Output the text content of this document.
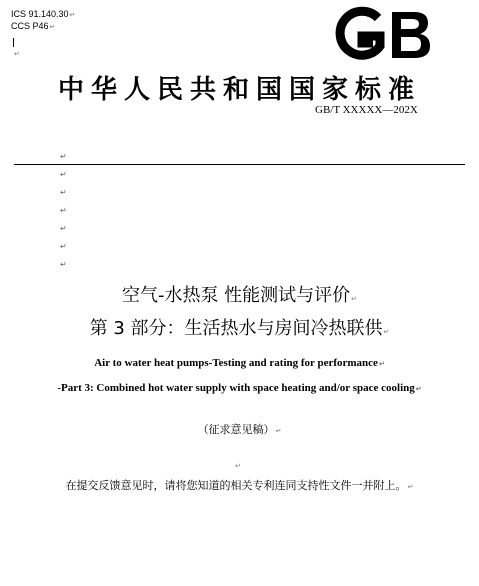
ICS 91.140.30↵
CCS P46↵
↵
GB
中华人民共和国国家标准
GB/T XXXXX—202X
↵
↵
↵
↵
↵
↵
↵
空气-水热泵 性能测试与评价↵
第 3 部分：生活热水与房间冷热联供↵
Air to water heat pumps-Testing and rating for performance↵
-Part 3: Combined hot water supply with space heating and/or space cooling↵
（征求意见稿）↵
↵
在提交反馈意见时，请将您知道的相关专利连同支持性文件一并附上。↵
